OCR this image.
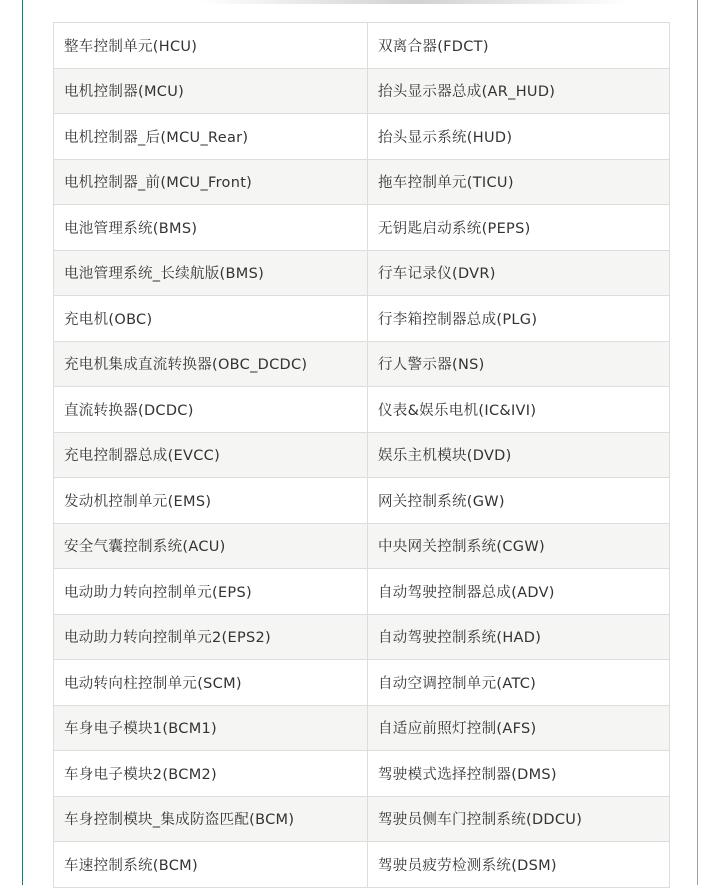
整车控制单元(HCU)	双离合器(FDCT)
电机控制器(MCU)	抬头显示器总成(AR_HUD)
电机控制器_后(MCU_Rear)	抬头显示系统(HUD)
电机控制器_前(MCU_Front)	拖车控制单元(TICU)
电池管理系统(BMS)	无钥匙启动系统(PEPS)
电池管理系统_长续航版(BMS)	行车记录仪(DVR)
充电机(OBC)	行李箱控制器总成(PLG)
充电机集成直流转换器(OBC_DCDC)	行人警示器(NS)
直流转换器(DCDC)	仪表&娱乐电机(IC&IVI)
充电控制器总成(EVCC)	娱乐主机模块(DVD)
发动机控制单元(EMS)	网关控制系统(GW)
安全气囊控制系统(ACU)	中央网关控制系统(CGW)
电动助力转向控制单元(EPS)	自动驾驶控制器总成(ADV)
电动助力转向控制单元2(EPS2)	自动驾驶控制系统(HAD)
电动转向柱控制单元(SCM)	自动空调控制单元(ATC)
车身电子模块1(BCM1)	自适应前照灯控制(AFS)
车身电子模块2(BCM2)	驾驶模式选择控制器(DMS)
车身控制模块_集成防盗匹配(BCM)	驾驶员侧车门控制系统(DDCU)
车速控制系统(BCM)	驾驶员疲劳检测系统(DSM)
